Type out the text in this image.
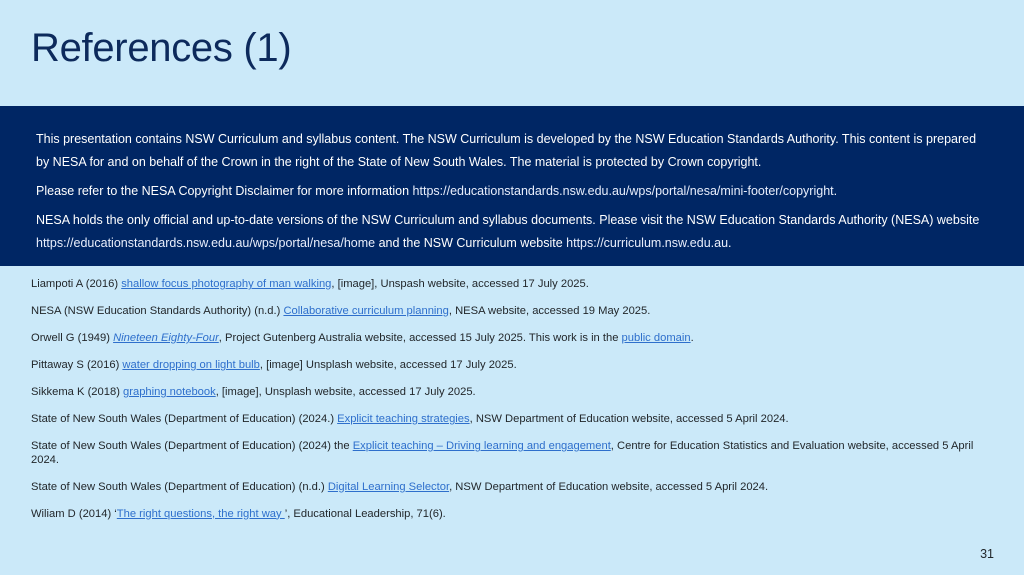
References (1)

This presentation contains NSW Curriculum and syllabus content. The NSW Curriculum is developed by the NSW Education Standards Authority. This content is prepared by NESA for and on behalf of the Crown in the right of the State of New South Wales. The material is protected by Crown copyright.

Please refer to the NESA Copyright Disclaimer for more information https://educationstandards.nsw.edu.au/wps/portal/nesa/mini-footer/copyright.

NESA holds the only official and up-to-date versions of the NSW Curriculum and syllabus documents. Please visit the NSW Education Standards Authority (NESA) website https://educationstandards.nsw.edu.au/wps/portal/nesa/home and the NSW Curriculum website https://curriculum.nsw.edu.au.

Liampoti A (2016) shallow focus photography of man walking, [image], Unspash website, accessed 17 July 2025.

NESA (NSW Education Standards Authority) (n.d.) Collaborative curriculum planning, NESA website, accessed 19 May 2025.

Orwell G (1949) Nineteen Eighty-Four, Project Gutenberg Australia website, accessed 15 July 2025. This work is in the public domain.

Pittaway S (2016) water dropping on light bulb, [image] Unsplash website, accessed 17 July 2025.

Sikkema K (2018) graphing notebook, [image], Unsplash website, accessed 17 July 2025.

State of New South Wales (Department of Education) (2024.) Explicit teaching strategies, NSW Department of Education website, accessed 5 April 2024.

State of New South Wales (Department of Education) (2024) the Explicit teaching – Driving learning and engagement, Centre for Education Statistics and Evaluation website, accessed 5 April 2024.

State of New South Wales (Department of Education) (n.d.) Digital Learning Selector, NSW Department of Education website, accessed 5 April 2024.

Wiliam D (2014) ‘The right questions, the right way ’, Educational Leadership, 71(6).

31
